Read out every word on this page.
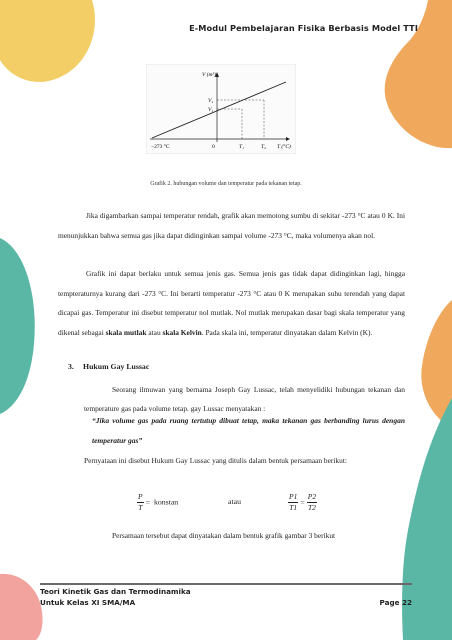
E-Modul Pembelajaran Fisika Berbasis Model TTI
V (m³)
V₂
V₁
−273 °C	0	T₁	T₂ T (°C)
Grafik 2. hubungan volume dan temperatur pada tekanan tetap.

Jika digambarkan sampai temperatur rendah, grafik akan memotong sumbu di sekitar -273 °C atau 0 K. Ini menunjukkan bahwa semua gas jika dapat didinginkan sampai volume -273 °C, maka volumenya akan nol.

Grafik ini dapat berlaku untuk semua jenis gas. Semua jenis gas tidak dapat didinginkan lagi, hingga tempteraturnya kurang dari -273 °C. Ini berarti temperatur -273 °C atau 0 K merupakan suhu terendah yang dapat dicapai gas. Temperatur ini disebut temperatur nol mutlak. Nol mutlak merupakan dasar bagi skala temperatur yang dikenal sebagai skala mutlak atau skala Kelvin. Pada skala ini, temperatur dinyatakan dalam Kelvin (K).

3. Hukum Gay Lussac

Seorang ilmuwan yang bernama Joseph Gay Lussac, telah menyelidiki hubungan tekanan dan temperature gas pada volume tetap. gay Lussac menyatakan :

“Jika volume gas pada ruang tertutup dibuat tetap, maka tekanan gas berbanding lurus dengan temperatur gas”

Pernyataan ini disebut Hukum Gay Lussac yang ditulis dalam bentuk persamaan berikut:

$\frac{P}{T}$ = konstan	atau	$\frac{P1}{T1} = \frac{P2}{T2}$
Persamaan tersebut dapat dinyatakan dalam bentuk grafik gambar 3 berikut
Teori Kinetik Gas dan Termodinamika
Untuk Kelas XI SMA/MA	Page 22
